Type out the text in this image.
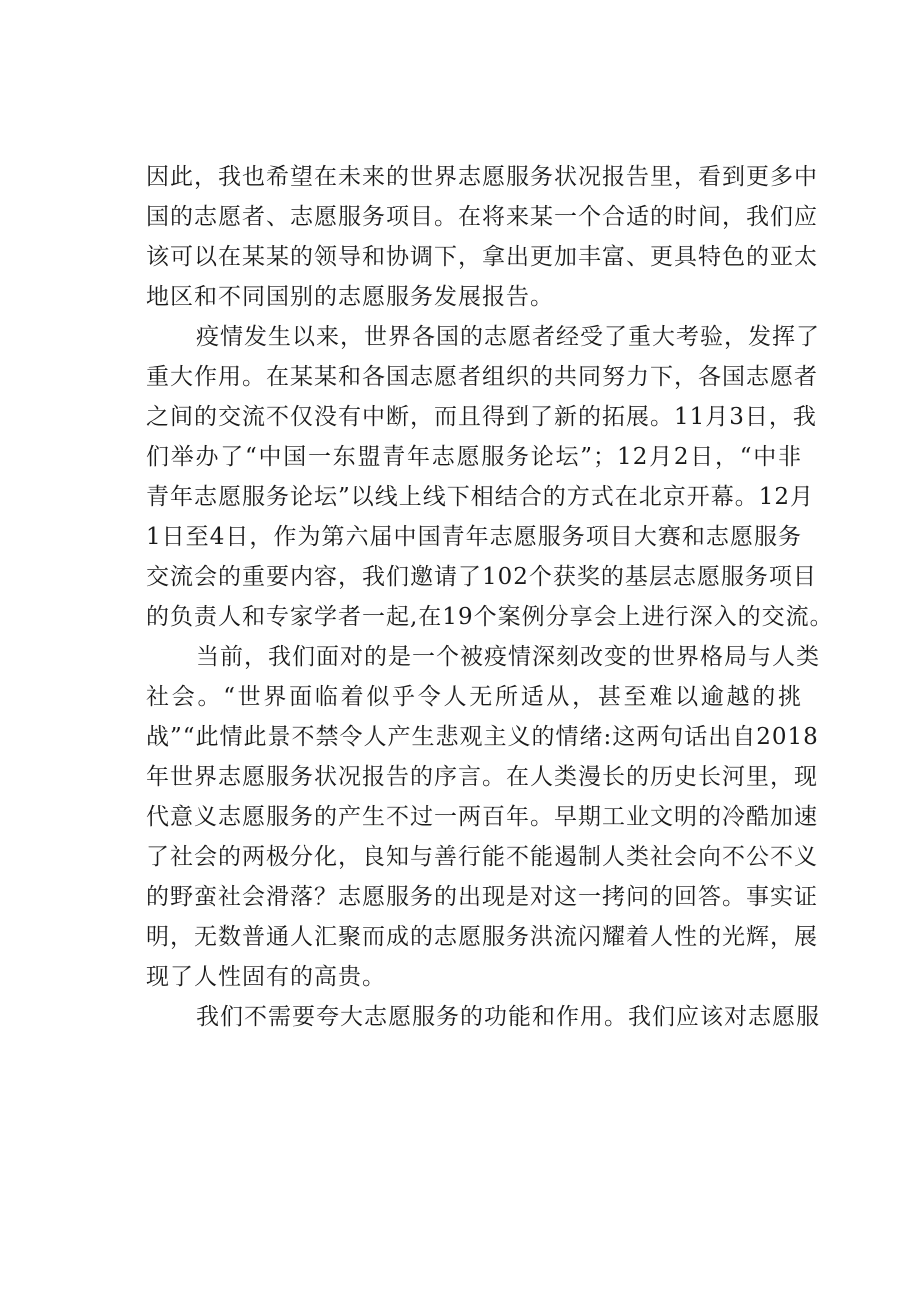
因此，我也希望在未来的世界志愿服务状况报告里，看到更多中
国的志愿者、志愿服务项目。在将来某一个合适的时间，我们应
该可以在某某的领导和协调下，拿出更加丰富、更具特色的亚太
地区和不同国别的志愿服务发展报告。
疫情发生以来，世界各国的志愿者经受了重大考验，发挥了
重大作用。在某某和各国志愿者组织的共同努力下，各国志愿者
之间的交流不仅没有中断，而且得到了新的拓展。11月3日，我
们举办了“中国一东盟青年志愿服务论坛”；12月2日，“中非
青年志愿服务论坛”以线上线下相结合的方式在北京开幕。12月
1日至4日，作为第六届中国青年志愿服务项目大赛和志愿服务
交流会的重要内容，我们邀请了102个获奖的基层志愿服务项目
的负责人和专家学者一起,在19个案例分享会上进行深入的交流。
当前，我们面对的是一个被疫情深刻改变的世界格局与人类
社会。“世界面临着似乎令人无所适从，甚至难以逾越的挑
战”“此情此景不禁令人产生悲观主义的情绪:这两句话出自2018
年世界志愿服务状况报告的序言。在人类漫长的历史长河里，现
代意义志愿服务的产生不过一两百年。早期工业文明的冷酷加速
了社会的两极分化，良知与善行能不能遏制人类社会向不公不义
的野蛮社会滑落？志愿服务的出现是对这一拷问的回答。事实证
明，无数普通人汇聚而成的志愿服务洪流闪耀着人性的光辉，展
现了人性固有的高贵。
我们不需要夸大志愿服务的功能和作用。我们应该对志愿服
